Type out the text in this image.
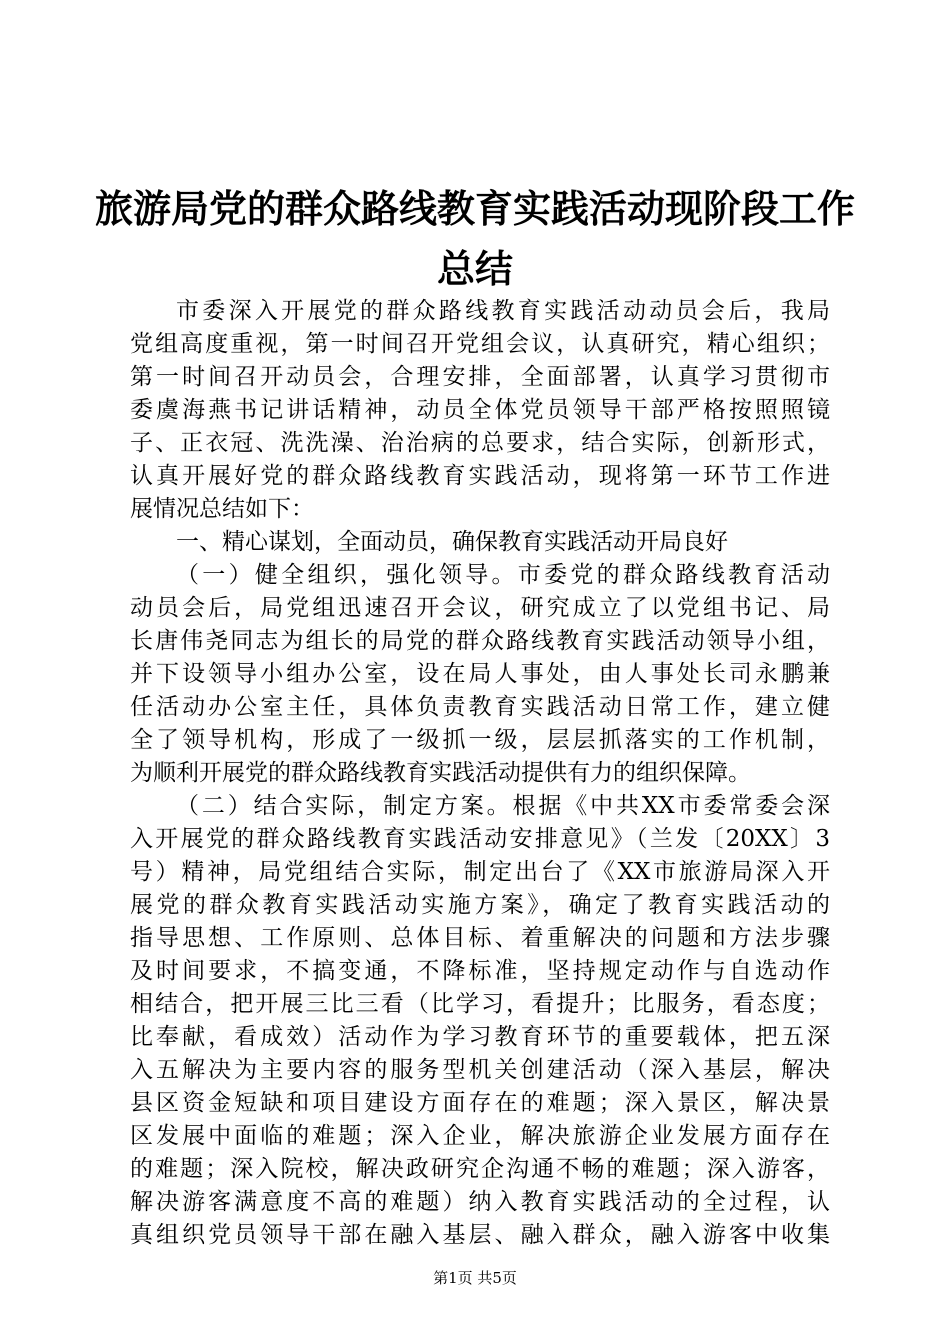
旅游局党的群众路线教育实践活动现阶段工作
总结
市委深入开展党的群众路线教育实践活动动员会后，我局
党组高度重视，第一时间召开党组会议，认真研究，精心组织；
第一时间召开动员会，合理安排，全面部署，认真学习贯彻市
委虞海燕书记讲话精神，动员全体党员领导干部严格按照照镜
子、正衣冠、洗洗澡、治治病的总要求，结合实际，创新形式，
认真开展好党的群众路线教育实践活动，现将第一环节工作进
展情况总结如下：
一、精心谋划，全面动员，确保教育实践活动开局良好
（一）健全组织，强化领导。市委党的群众路线教育活动
动员会后，局党组迅速召开会议，研究成立了以党组书记、局
长唐伟尧同志为组长的局党的群众路线教育实践活动领导小组，
并下设领导小组办公室，设在局人事处，由人事处长司永鹏兼
任活动办公室主任，具体负责教育实践活动日常工作，建立健
全了领导机构，形成了一级抓一级，层层抓落实的工作机制，
为顺利开展党的群众路线教育实践活动提供有力的组织保障。
（二）结合实际，制定方案。根据《中共XX市委常委会深
入开展党的群众路线教育实践活动安排意见》（兰发〔20XX〕3
号）精神，局党组结合实际，制定出台了《XX市旅游局深入开
展党的群众教育实践活动实施方案》，确定了教育实践活动的
指导思想、工作原则、总体目标、着重解决的问题和方法步骤
及时间要求，不搞变通，不降标准，坚持规定动作与自选动作
相结合，把开展三比三看（比学习，看提升；比服务，看态度；
比奉献，看成效）活动作为学习教育环节的重要载体，把五深
入五解决为主要内容的服务型机关创建活动（深入基层，解决
县区资金短缺和项目建设方面存在的难题；深入景区，解决景
区发展中面临的难题；深入企业，解决旅游企业发展方面存在
的难题；深入院校，解决政研究企沟通不畅的难题；深入游客，
解决游客满意度不高的难题）纳入教育实践活动的全过程，认
真组织党员领导干部在融入基层、融入群众，融入游客中收集
第1页 共5页
